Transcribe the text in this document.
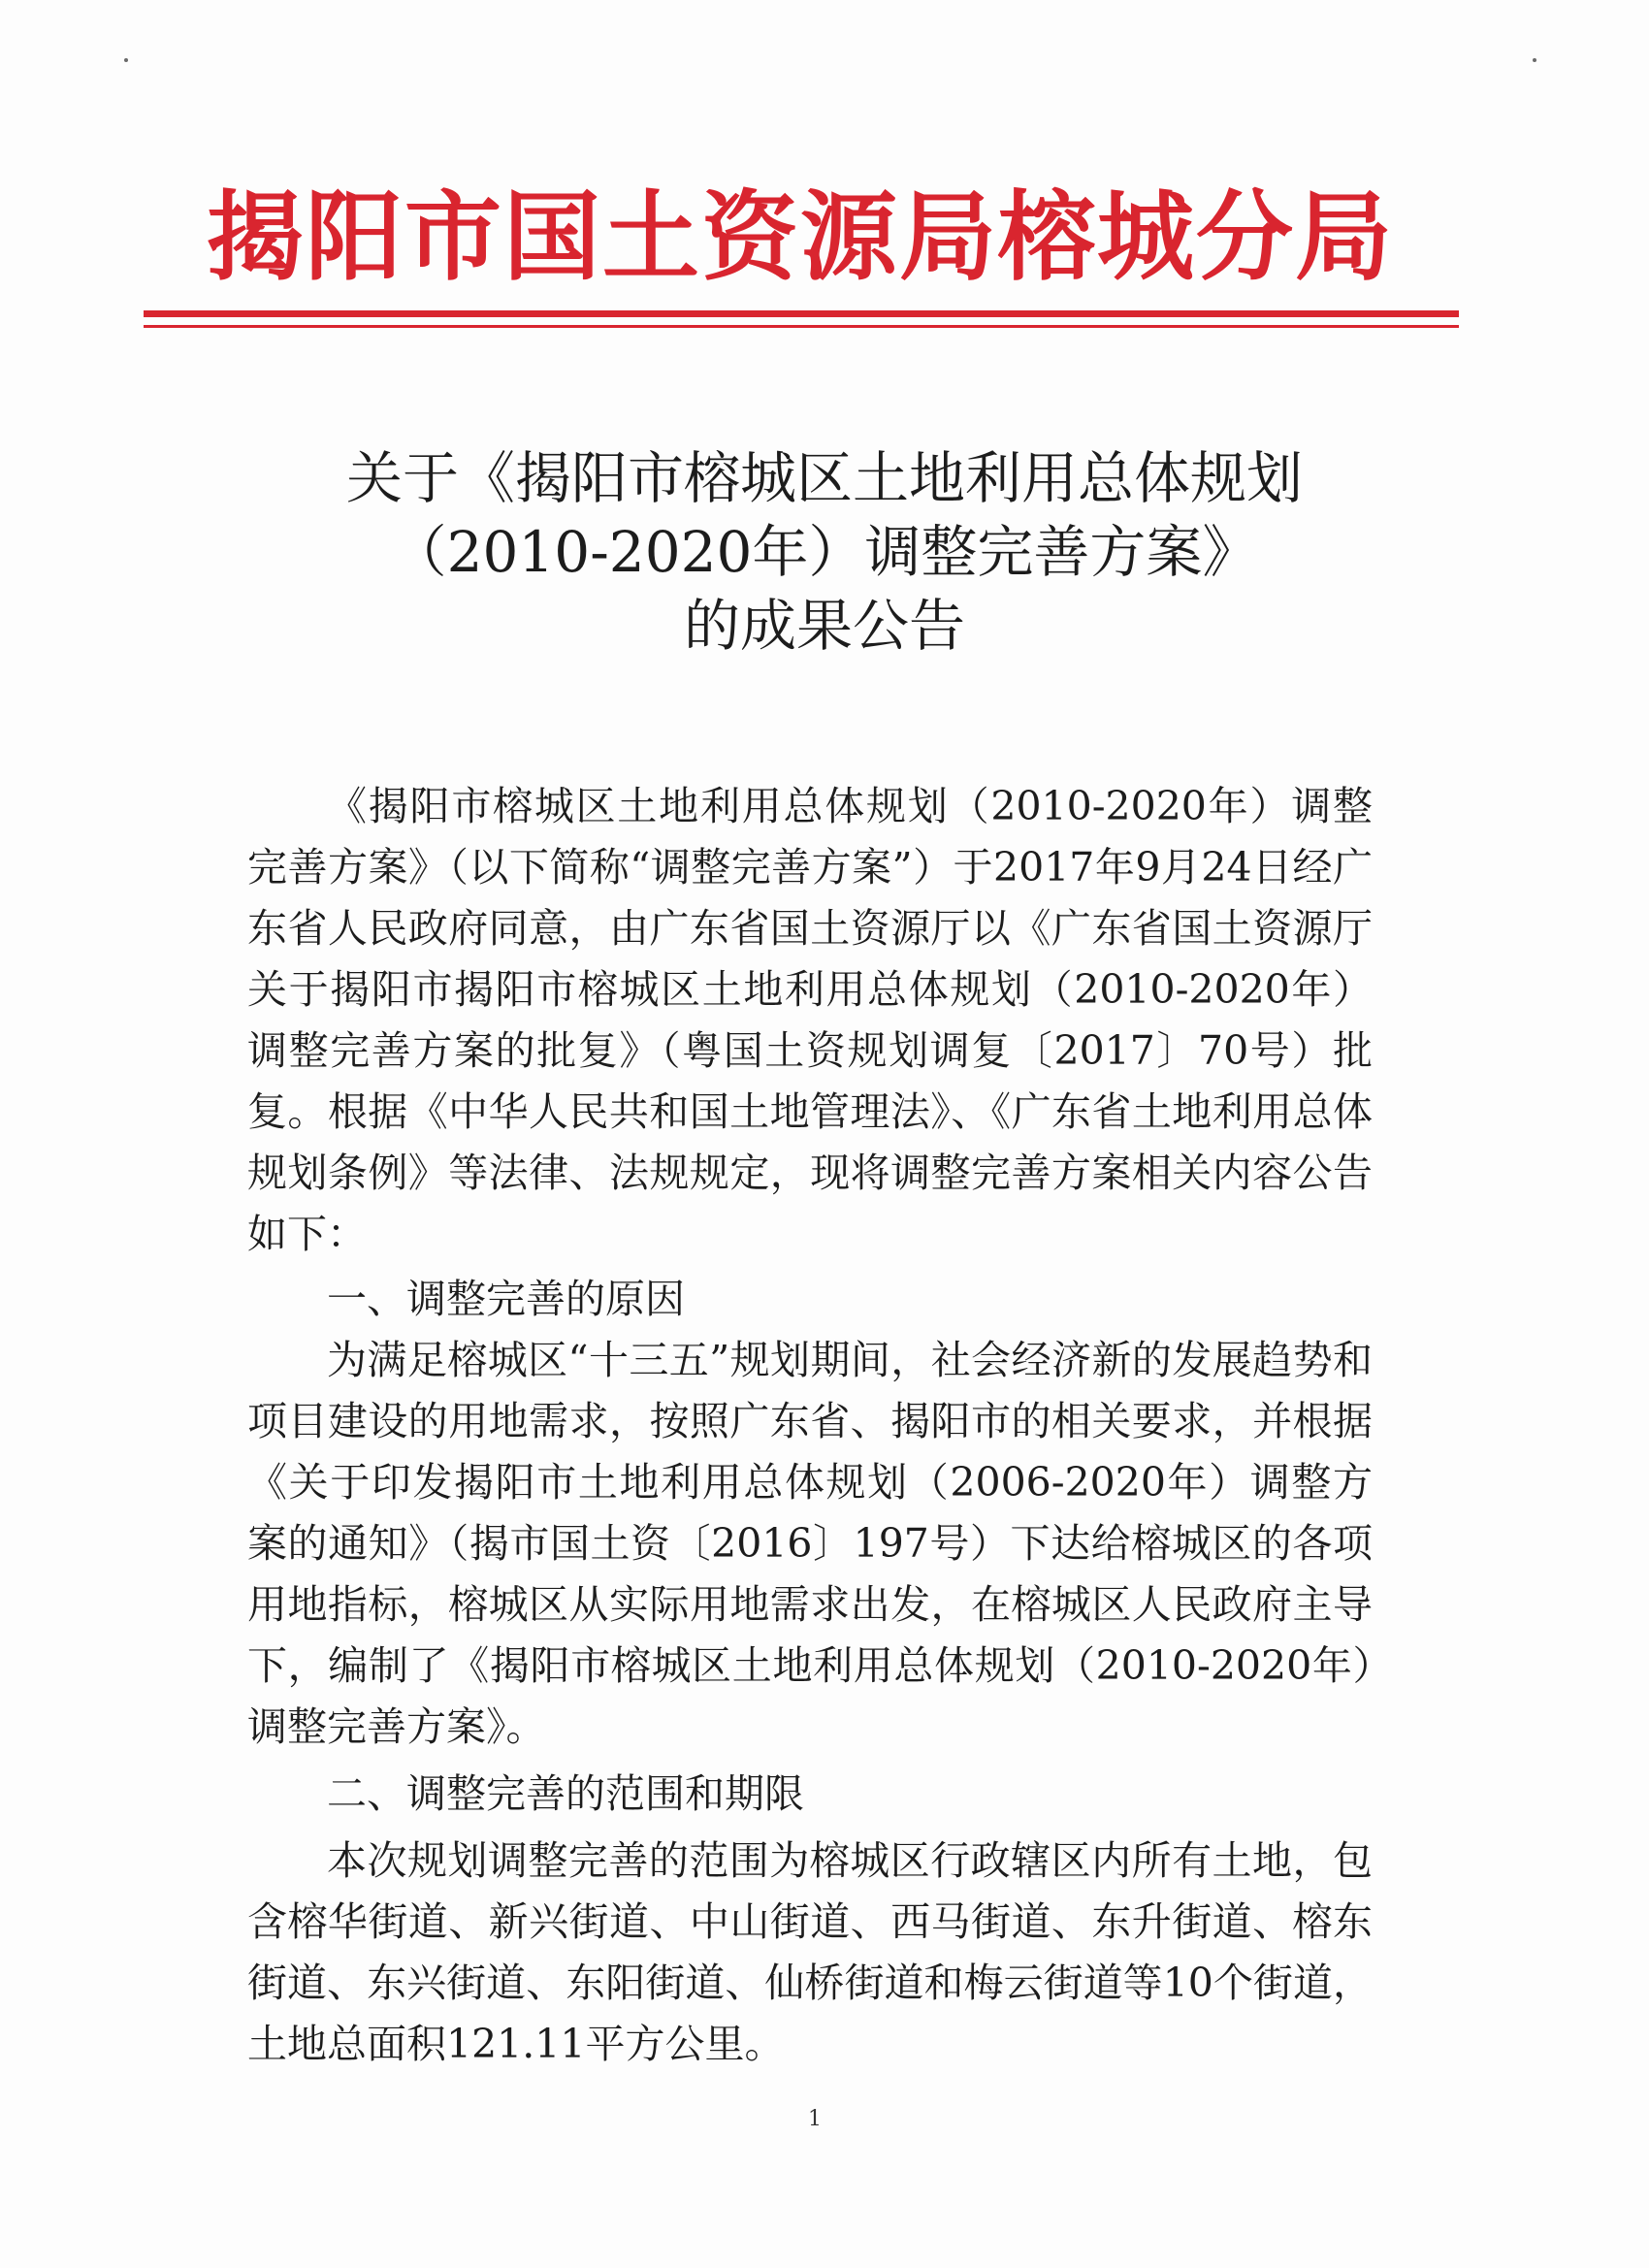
揭阳市国土资源局榕城分局
关于《揭阳市榕城区土地利用总体规划
（2010-2020年）调整完善方案》
的成果公告

《揭阳市榕城区土地利用总体规划（2010-2020年）调整完善方案》（以下简称“调整完善方案”）于2017年9月24日经广东省人民政府同意，由广东省国土资源厅以《广东省国土资源厅关于揭阳市揭阳市榕城区土地利用总体规划（2010-2020年）调整完善方案的批复》（粤国土资规划调复〔2017〕70号）批复。根据《中华人民共和国土地管理法》、《广东省土地利用总体规划条例》等法律、法规规定，现将调整完善方案相关内容公告如下：

一、调整完善的原因

为满足榕城区“十三五”规划期间，社会经济新的发展趋势和项目建设的用地需求，按照广东省、揭阳市的相关要求，并根据《关于印发揭阳市土地利用总体规划（2006-2020年）调整方案的通知》（揭市国土资〔2016〕197号）下达给榕城区的各项用地指标，榕城区从实际用地需求出发，在榕城区人民政府主导下，编制了《揭阳市榕城区土地利用总体规划（2010-2020年）调整完善方案》。

二、调整完善的范围和期限

本次规划调整完善的范围为榕城区行政辖区内所有土地，包含榕华街道、新兴街道、中山街道、西马街道、东升街道、榕东街道、东兴街道、东阳街道、仙桥街道和梅云街道等10个街道，土地总面积121.11平方公里。

1
